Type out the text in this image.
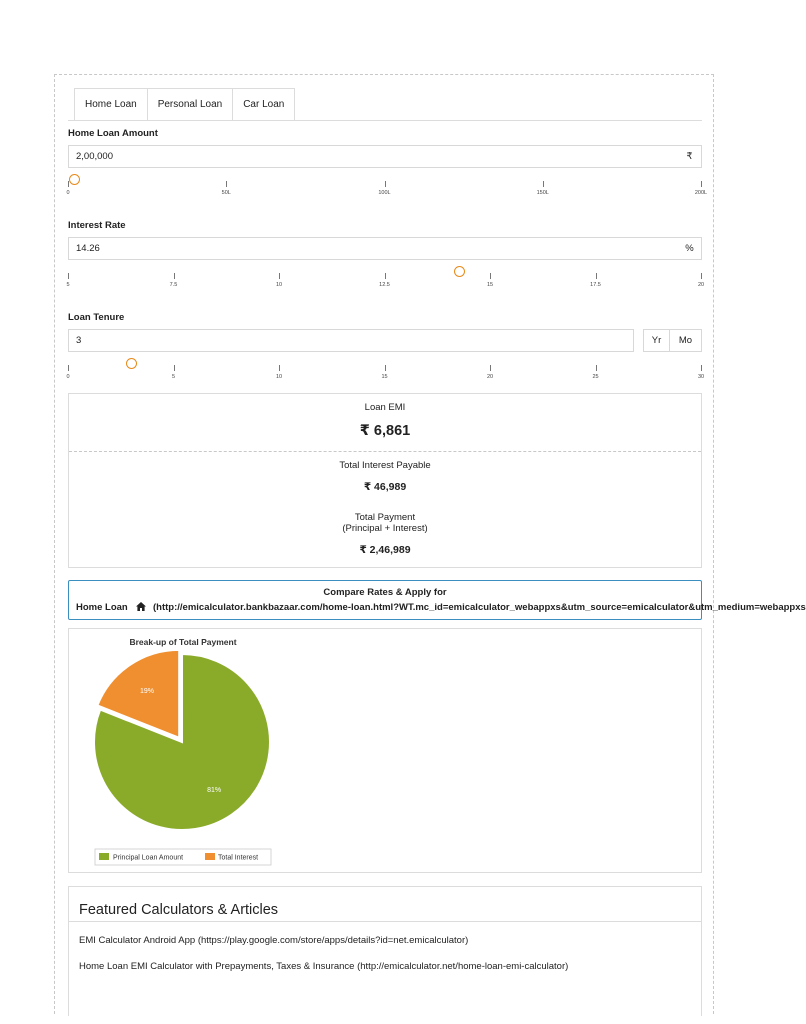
Home Loan	Personal Loan	Car Loan
Home Loan Amount
2,00,000	₹
0	50L	100L	150L	200L
Interest Rate
14.26	%
5	7.5	10	12.5	15	17.5	20
Loan Tenure
3	Yr	Mo
0	5	10	15	20	25	30
Loan EMI
₹ 6,861
Total Interest Payable
₹ 46,989
Total Payment
(Principal + Interest)
₹ 2,46,989
Compare Rates & Apply for
Home Loan	(http://emicalculator.bankbazaar.com/home-loan.html?WT.mc_id=emicalculator_webappxs&utm_source=emicalculator&utm_medium=webappxs
Break-up of Total Payment
81%
19%
Principal Loan Amount	Total Interest
Featured Calculators & Articles
EMI Calculator Android App (https://play.google.com/store/apps/details?id=net.emicalculator)
Home Loan EMI Calculator with Prepayments, Taxes & Insurance (http://emicalculator.net/home-loan-emi-calculator)
